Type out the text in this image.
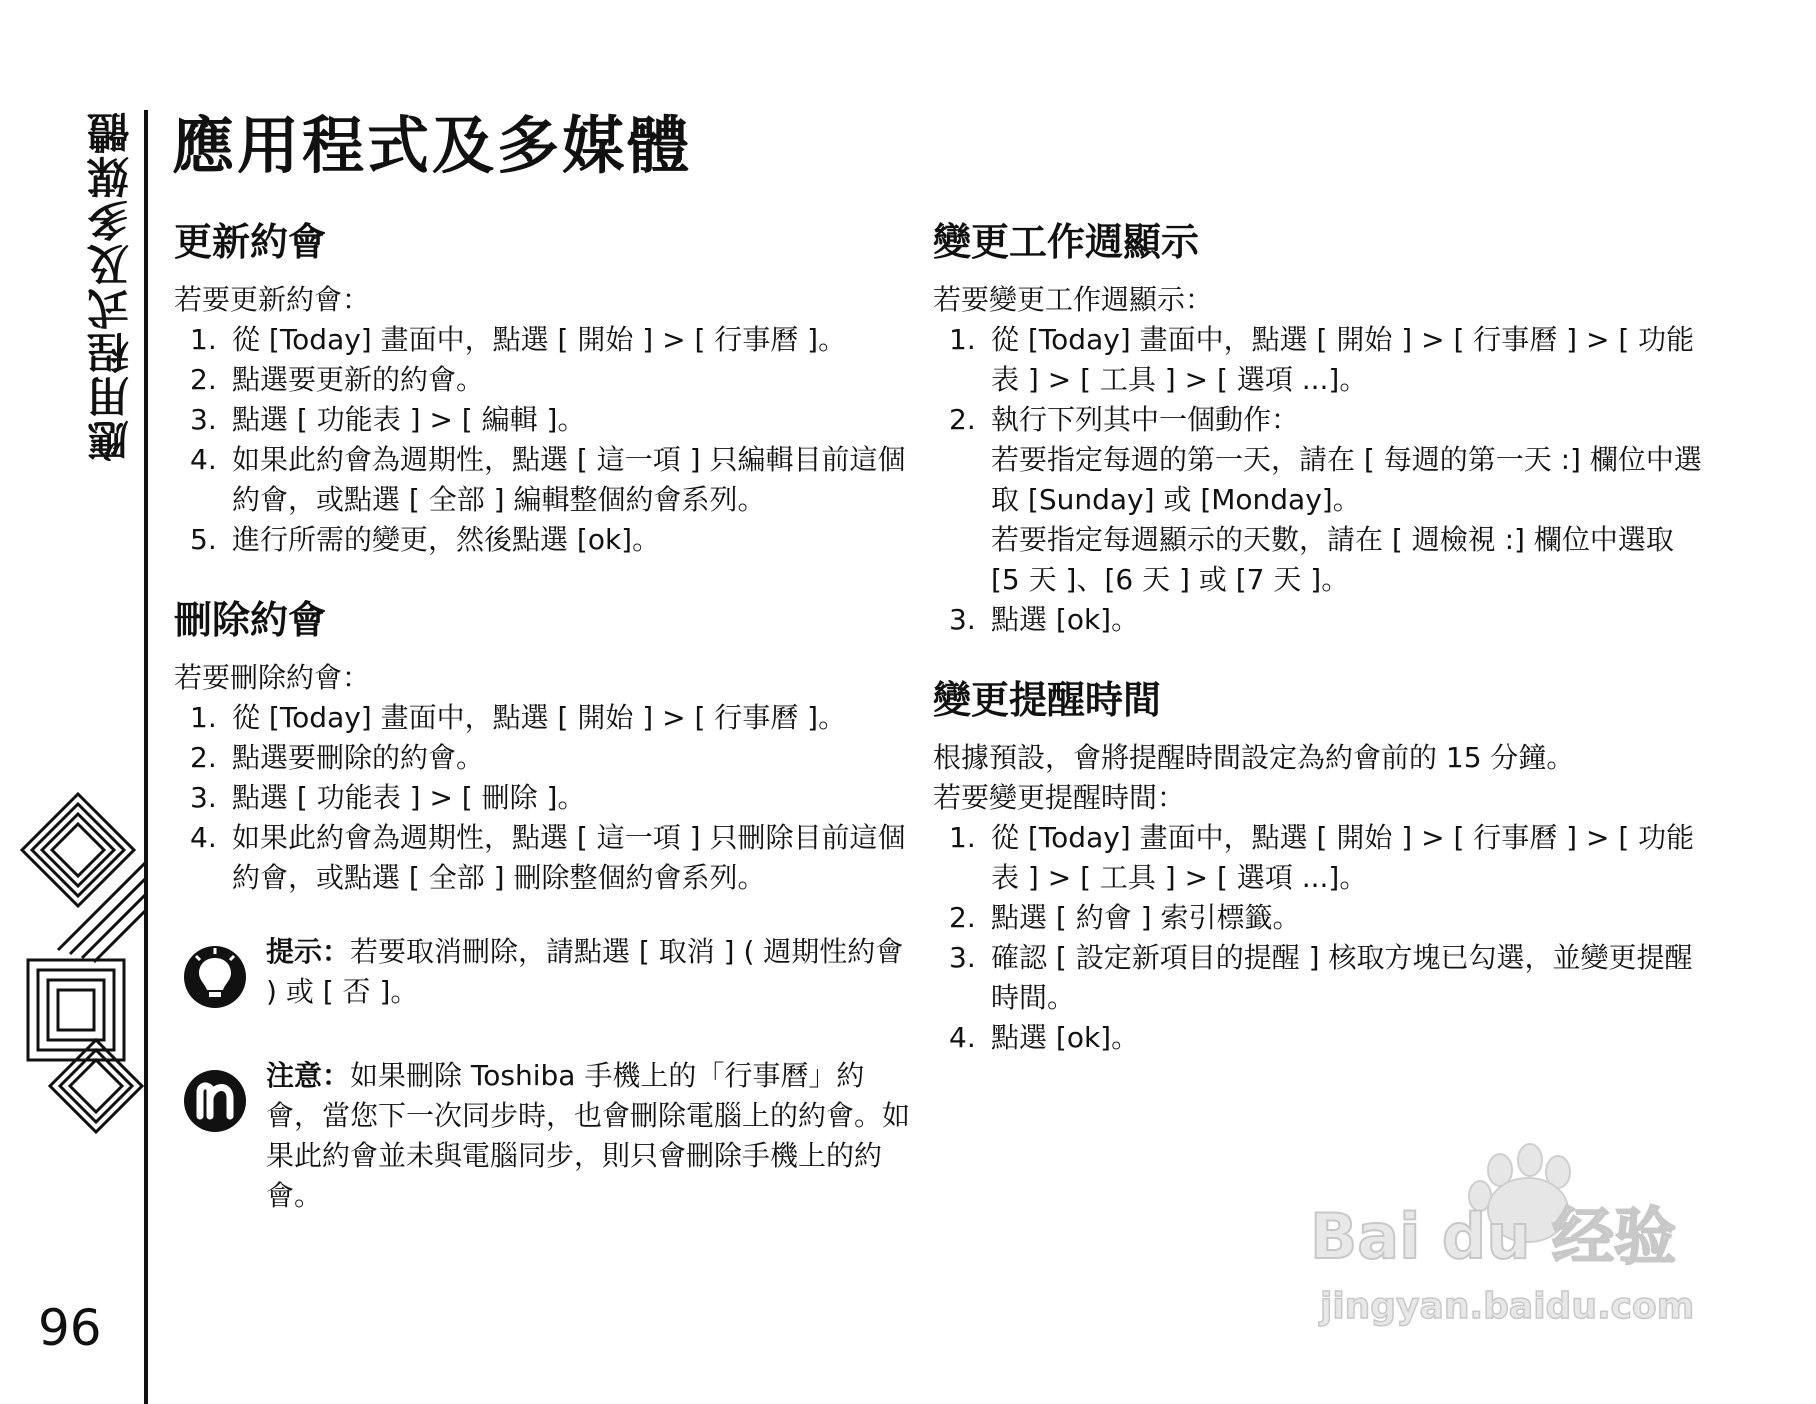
應用程式及多媒體
96
應用程式及多媒體
更新約會

若要更新約會：

1. 從 [Today] 畫面中，點選 [ 開始 ] > [ 行事曆 ]。
2. 點選要更新的約會。
3. 點選 [ 功能表 ] > [ 編輯 ]。
4. 如果此約會為週期性，點選 [ 這一項 ] 只編輯目前這個約會，或點選 [ 全部 ] 編輯整個約會系列。
5. 進行所需的變更，然後點選 [ok]。
刪除約會

若要刪除約會：

1. 從 [Today] 畫面中，點選 [ 開始 ] > [ 行事曆 ]。
2. 點選要刪除的約會。
3. 點選 [ 功能表 ] > [ 刪除 ]。
4. 如果此約會為週期性，點選 [ 這一項 ] 只刪除目前這個約會，或點選 [ 全部 ] 刪除整個約會系列。
提示：若要取消刪除，請點選 [ 取消 ] ( 週期性約會 ) 或 [ 否 ]。
注意：如果刪除 Toshiba 手機上的「行事曆」約會，當您下一次同步時，也會刪除電腦上的約會。如果此約會並未與電腦同步，則只會刪除手機上的約會。
變更工作週顯示

若要變更工作週顯示：

1. 從 [Today] 畫面中，點選 [ 開始 ] > [ 行事曆 ] > [ 功能表 ] > [ 工具 ] > [ 選項 ...]。
2. 執行下列其中一個動作：
若要指定每週的第一天，請在 [ 每週的第一天 :] 欄位中選取 [Sunday] 或 [Monday]。
若要指定每週顯示的天數，請在 [ 週檢視 :] 欄位中選取 [5 天 ]、[6 天 ] 或 [7 天 ]。
3. 點選 [ok]。
變更提醒時間

根據預設，會將提醒時間設定為約會前的 15 分鐘。

若要變更提醒時間：

1. 從 [Today] 畫面中，點選 [ 開始 ] > [ 行事曆 ] > [ 功能表 ] > [ 工具 ] > [ 選項 ...]。
2. 點選 [ 約會 ] 索引標籤。
3. 確認 [ 設定新項目的提醒 ] 核取方塊已勾選，並變更提醒時間。
4. 點選 [ok]。
Bai du 经验
jingyan.baidu.com
